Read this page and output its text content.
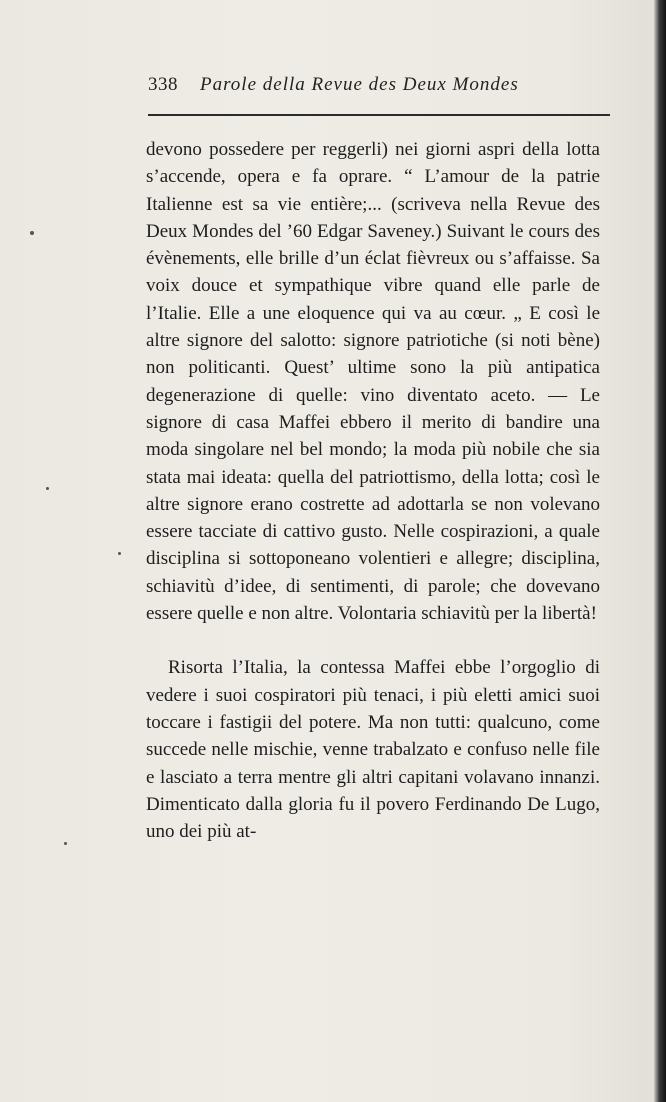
338 Parole della Revue des Deux Mondes

devono possedere per reggerli) nei giorni aspri della lotta s’accende, opera e fa oprare. “ L’amour de la patrie Italienne est sa vie entière;... (scriveva nella Revue des Deux Mondes del ’60 Edgar Saveney.) Suivant le cours des évènements, elle brille d’un éclat fièvreux ou s’affaisse. Sa voix douce et sympathique vibre quand elle parle de l’Italie. Elle a une eloquence qui va au cœur. „ E così le altre signore del salotto: signore patriotiche (si noti bène) non politicanti. Quest’ ultime sono la più antipatica degenerazione di quelle: vino diventato aceto. — Le signore di casa Maffei ebbero il merito di bandire una moda singolare nel bel mondo; la moda più nobile che sia stata mai ideata: quella del patriottismo, della lotta; così le altre signore erano costrette ad adottarla se non volevano essere tacciate di cattivo gusto. Nelle cospirazioni, a quale disciplina si sottoponeano volentieri e allegre; disciplina, schiavitù d’idee, di sentimenti, di parole; che dovevano essere quelle e non altre. Volontaria schiavitù per la libertà!

Risorta l’Italia, la contessa Maffei ebbe l’orgoglio di vedere i suoi cospiratori più tenaci, i più eletti amici suoi toccare i fastigii del potere. Ma non tutti: qualcuno, come succede nelle mischie, venne trabalzato e confuso nelle file e lasciato a terra mentre gli altri capitani volavano innanzi. Dimenticato dalla gloria fu il povero Ferdinando De Lugo, uno dei più at-
